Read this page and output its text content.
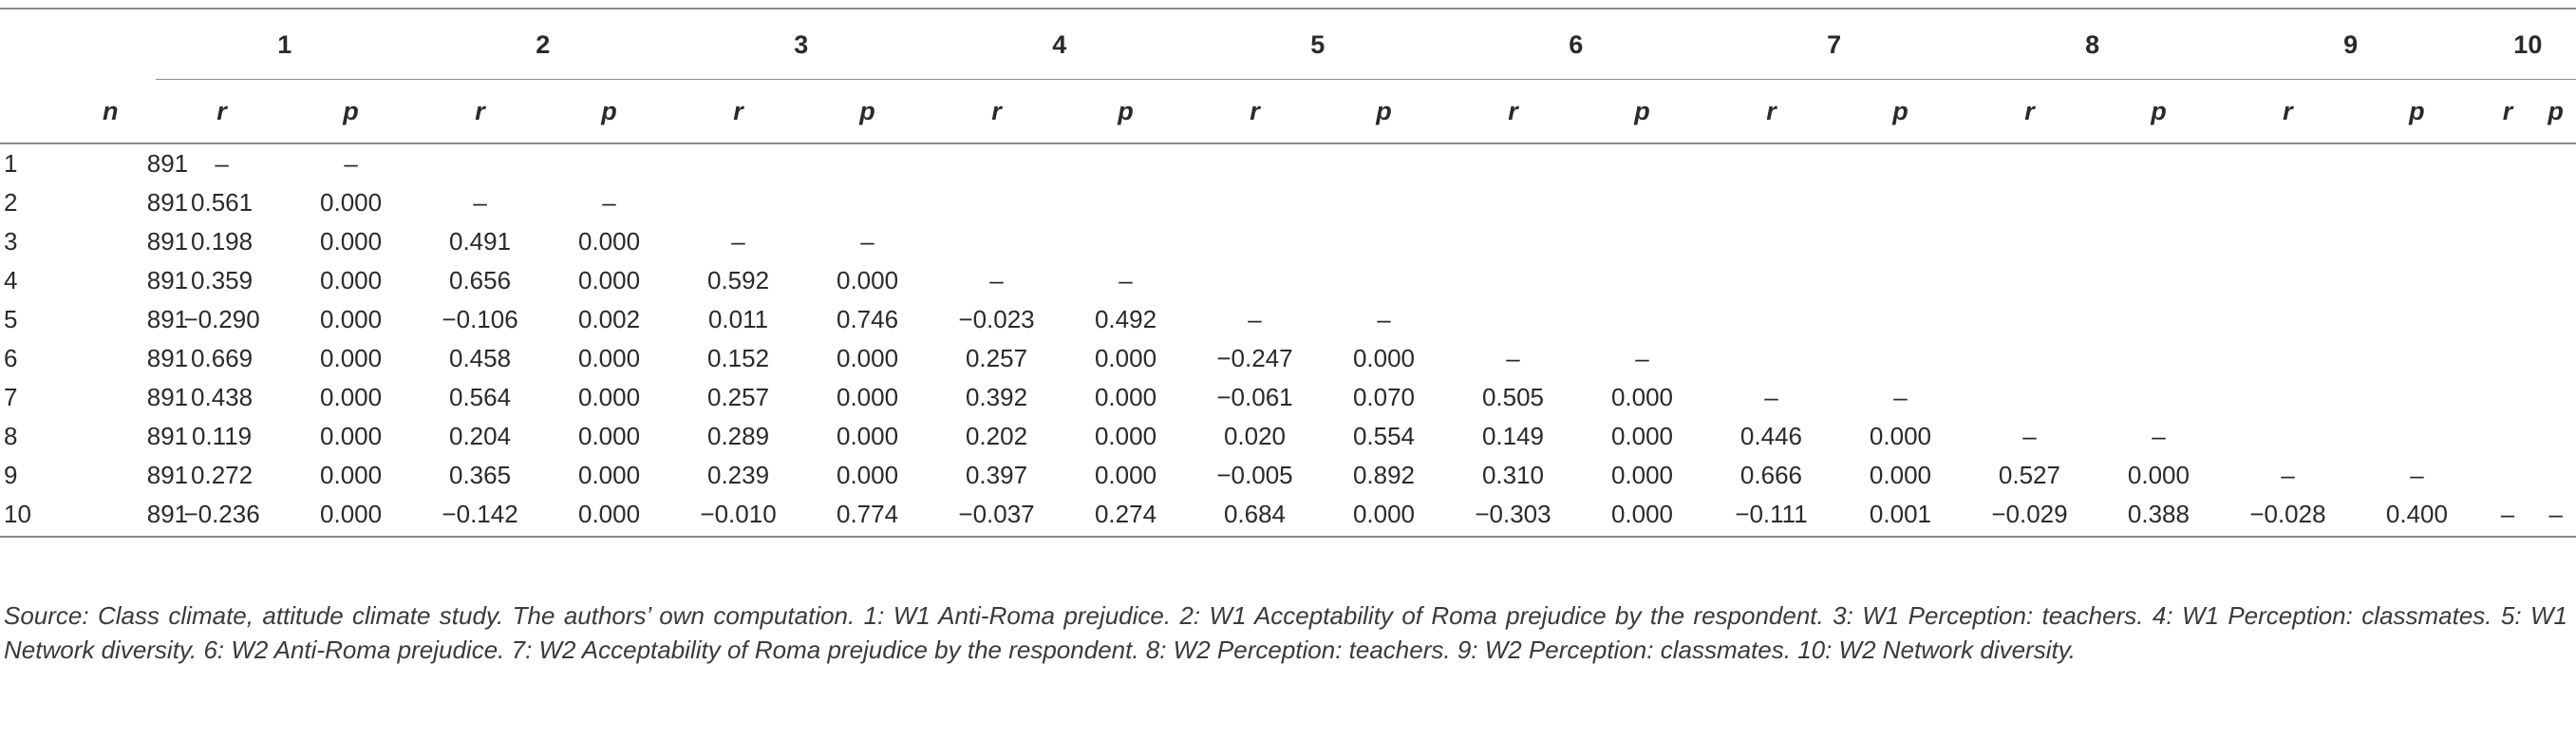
		1		2		3		4		5		6		7		8		9		10	

	n	r	p	r	p	r	p	r	p	r	p	r	p	r	p	r	p	r	p	r	p
1	891	–	–																		
2	891	0.561	0.000	–	–																
3	891	0.198	0.000	0.491	0.000	–	–														
4	891	0.359	0.000	0.656	0.000	0.592	0.000	–	–												
5	891	−0.290	0.000	−0.106	0.002	0.011	0.746	−0.023	0.492	–	–										
6	891	0.669	0.000	0.458	0.000	0.152	0.000	0.257	0.000	−0.247	0.000	–	–								
7	891	0.438	0.000	0.564	0.000	0.257	0.000	0.392	0.000	−0.061	0.070	0.505	0.000	–	–						
8	891	0.119	0.000	0.204	0.000	0.289	0.000	0.202	0.000	0.020	0.554	0.149	0.000	0.446	0.000	–	–				
9	891	0.272	0.000	0.365	0.000	0.239	0.000	0.397	0.000	−0.005	0.892	0.310	0.000	0.666	0.000	0.527	0.000	–	–		
10	891	−0.236	0.000	−0.142	0.000	−0.010	0.774	−0.037	0.274	0.684	0.000	−0.303	0.000	−0.111	0.001	−0.029	0.388	−0.028	0.400	–	–
Source: Class climate, attitude climate study. The authors’ own computation. 1: W1 Anti-Roma prejudice. 2: W1 Acceptability of Roma prejudice by the respondent. 3: W1 Perception: teachers. 4: W1 Perception: classmates. 5: W1 Network diversity. 6: W2 Anti-Roma prejudice. 7: W2 Acceptability of Roma prejudice by the respondent. 8: W2 Perception: teachers. 9: W2 Perception: classmates. 10: W2 Network diversity.
